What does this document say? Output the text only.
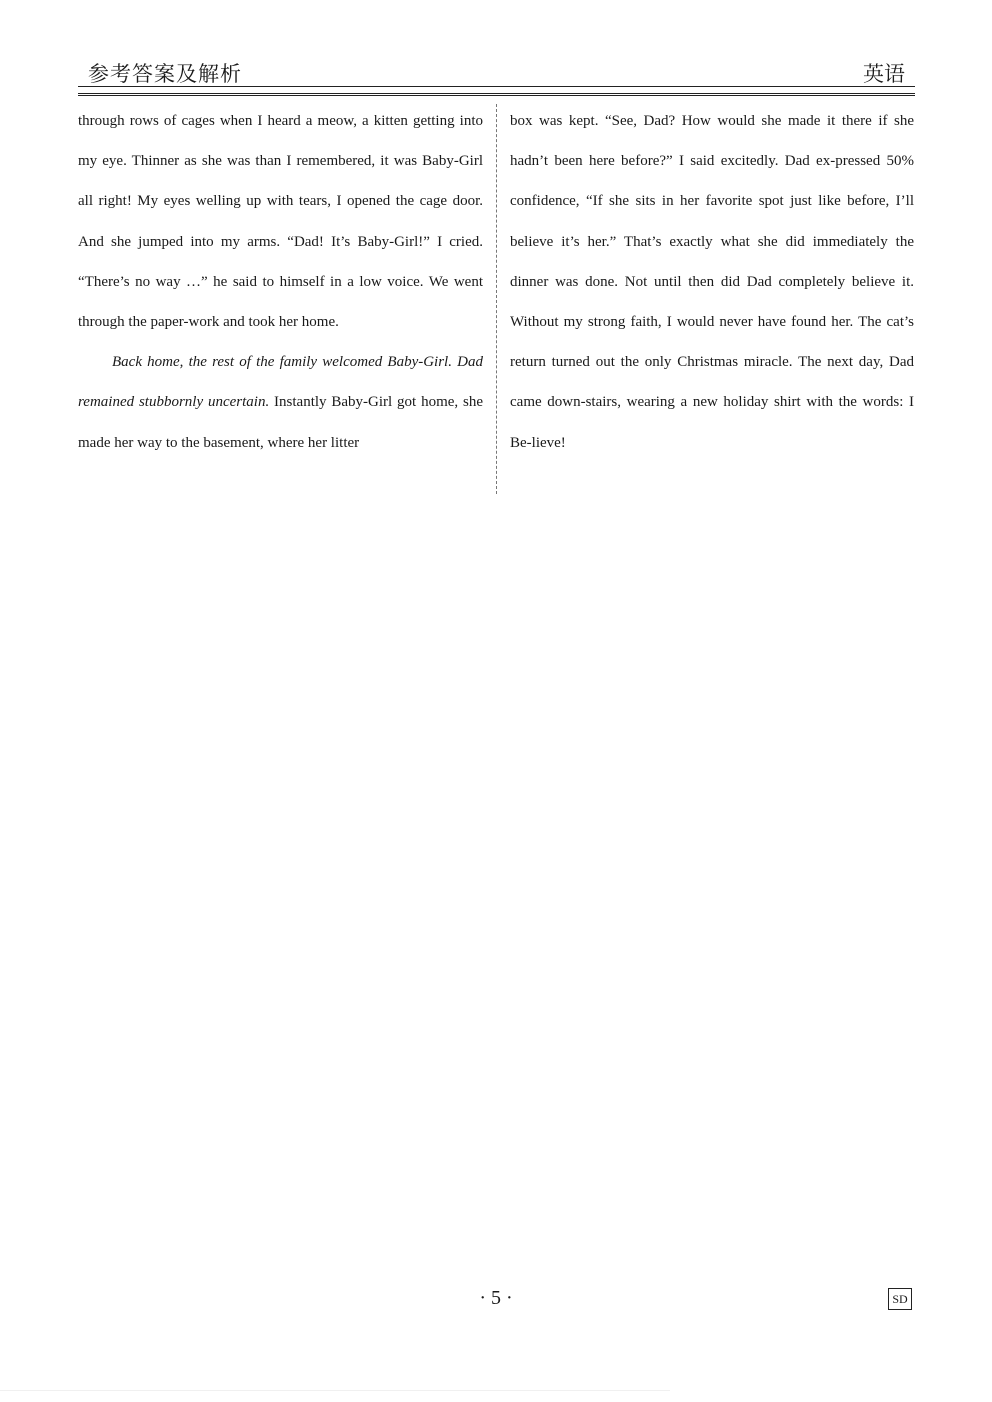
参考答案及解析	英语

through rows of cages when I heard a meow, a kitten getting into my eye. Thinner as she was than I remembered, it was Baby-Girl all right! My eyes welling up with tears, I opened the cage door. And she jumped into my arms. “Dad! It’s Baby-Girl!” I cried. “There’s no way …” he said to himself in a low voice. We went through the paper-work and took her home.

Back home, the rest of the family welcomed Baby-Girl. Dad remained stubbornly uncertain. Instantly Baby-Girl got home, she made her way to the basement, where her litter

box was kept. “See, Dad? How would she made it there if she hadn’t been here before?” I said excitedly. Dad ex-pressed 50% confidence, “If she sits in her favorite spot just like before, I’ll believe it’s her.” That’s exactly what she did immediately the dinner was done. Not until then did Dad completely believe it. Without my strong faith, I would never have found her. The cat’s return turned out the only Christmas miracle. The next day, Dad came down-stairs, wearing a new holiday shirt with the words: I Be-lieve!

· 5 ·	SD
